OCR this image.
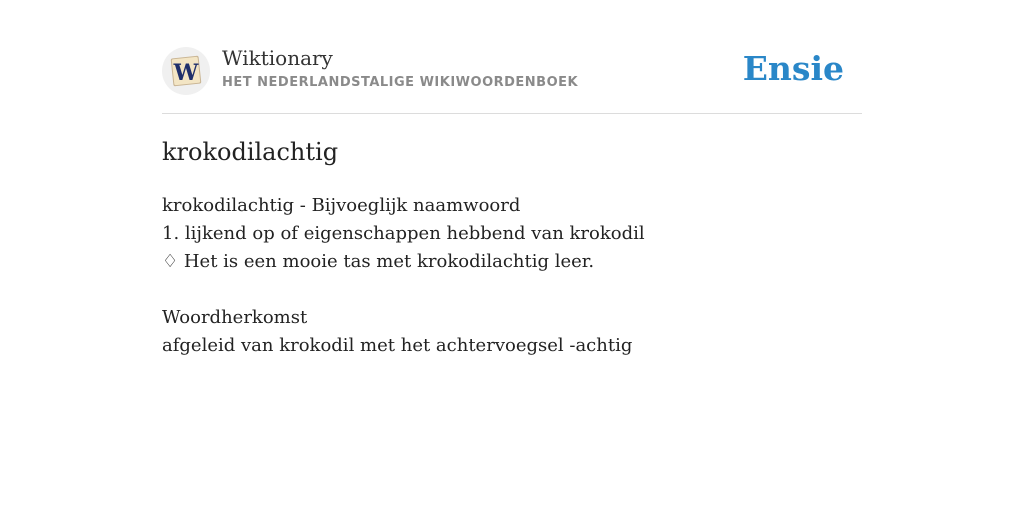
W
Wiktionary
HET NEDERLANDSTALIGE WIKIWOORDENBOEK	Ensie
krokodilachtig
krokodilachtig - Bijvoeglijk naamwoord
1. lijkend op of eigenschappen hebbend van krokodil
♢ Het is een mooie tas met krokodilachtig leer.
Woordherkomst
afgeleid van krokodil met het achtervoegsel -achtig
